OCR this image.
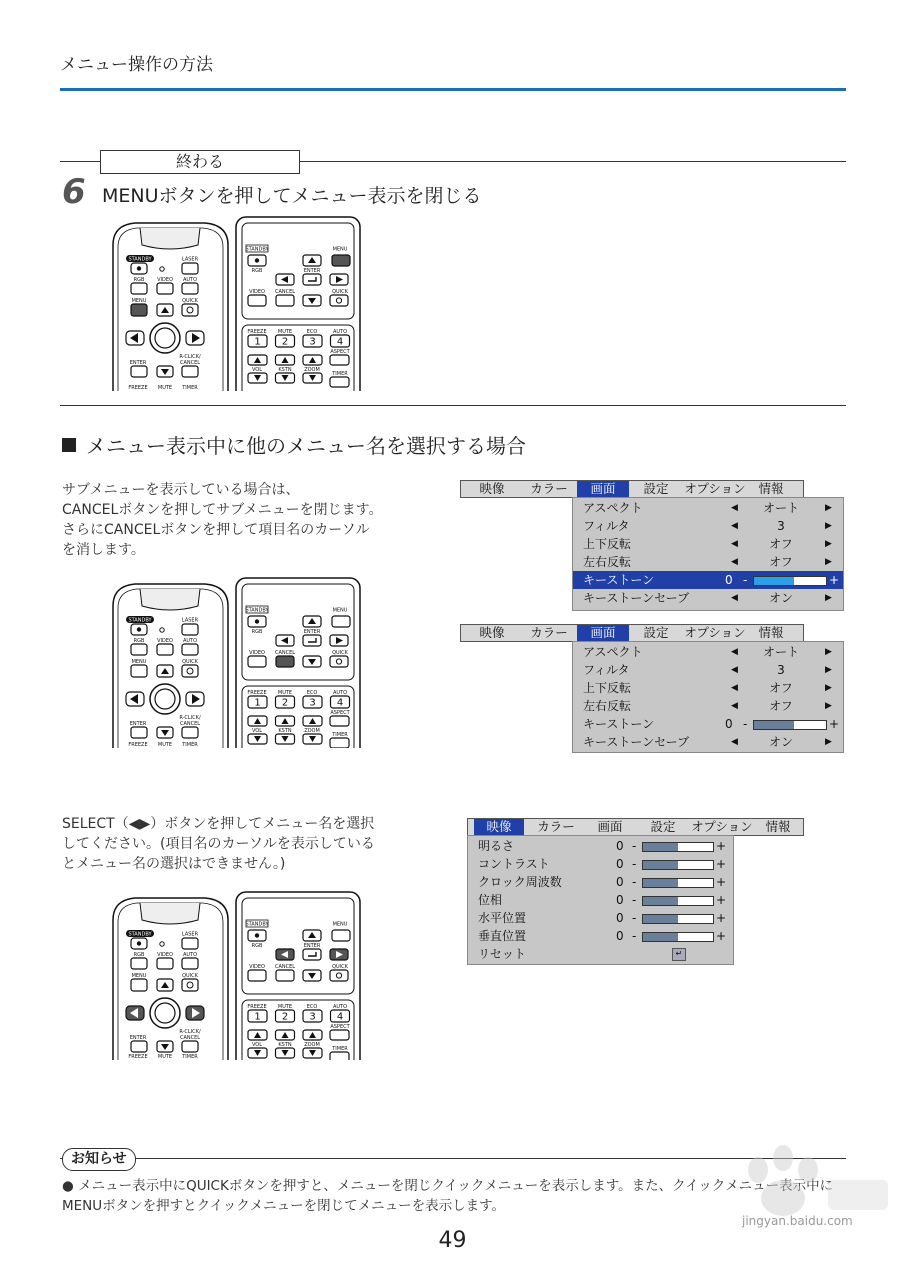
メニュー操作の方法
終わる
6 MENUボタンを押してメニュー表示を閉じる
STANDBY	LASER
RGB	VIDEO AUTO
MENU	QUICK
R-CLICK/
CANCEL
ENTER
FREEZE MUTE TIMER
STANDBY	MENU
RGB	ENTER
VIDEO CANCEL	QUICK
FREEZE MUTE	ECO	AUTO
1 2 3 4
ASPECT
VOL	KSTN	ZOOM
TIMER
メニュー表示中に他のメニュー名を選択する場合
サブメニューを表示している場合は、
CANCELボタンを押してサブメニューを閉じます。
さらにCANCELボタンを押して項目名のカーソル
を消します。
STANDBY	LASER
RGB	VIDEO AUTO
MENU	QUICK
R-CLICK/
CANCEL
ENTER
FREEZE MUTE TIMER
STANDBY	MENU
RGB	ENTER
VIDEO CANCEL	QUICK
FREEZE MUTE	ECO	AUTO
1 2 3 4
ASPECT
VOL	KSTN	ZOOM
TIMER
映像	カラー	画面	設定	オプション	情報
アスペクト	◀	オート	▶
フィルタ	◀	3	▶
上下反転	◀	オフ	▶
左右反転	◀	オフ	▶
キーストーン	0 -	+
キーストーンセーブ	◀	オン	▶
映像	カラー	画面	設定	オプション	情報
アスペクト	◀	オート	▶
フィルタ	◀	3	▶
上下反転	◀	オフ	▶
左右反転	◀	オフ	▶
キーストーン	0 -	+
キーストーンセーブ	◀	オン	▶
SELECT（◀▶）ボタンを押してメニュー名を選択
してください。(項目名のカーソルを表示している
とメニュー名の選択はできません。)
映像	カラー	画面	設定	オプション	情報
明るさ	0 -	+
コントラスト	0 -	+
クロック周波数	0 -	+
位相	0 -	+
水平位置	0 -	+
垂直位置	0 -	+
リセット	↵
STANDBY	LASER
RGB	VIDEO AUTO
MENU	QUICK
R-CLICK/
CANCEL
ENTER
FREEZE MUTE TIMER
STANDBY	MENU
RGB	ENTER
VIDEO CANCEL	QUICK
FREEZE MUTE	ECO	AUTO
1 2 3 4
ASPECT
VOL	KSTN	ZOOM
TIMER
お知らせ
● メニュー表示中にQUICKボタンを押すと、メニューを閉じクイックメニューを表示します。また、クイックメニュー表示中にMENUボタンを押すとクイックメニューを閉じてメニューを表示します。
49
jingyan.baidu.com
